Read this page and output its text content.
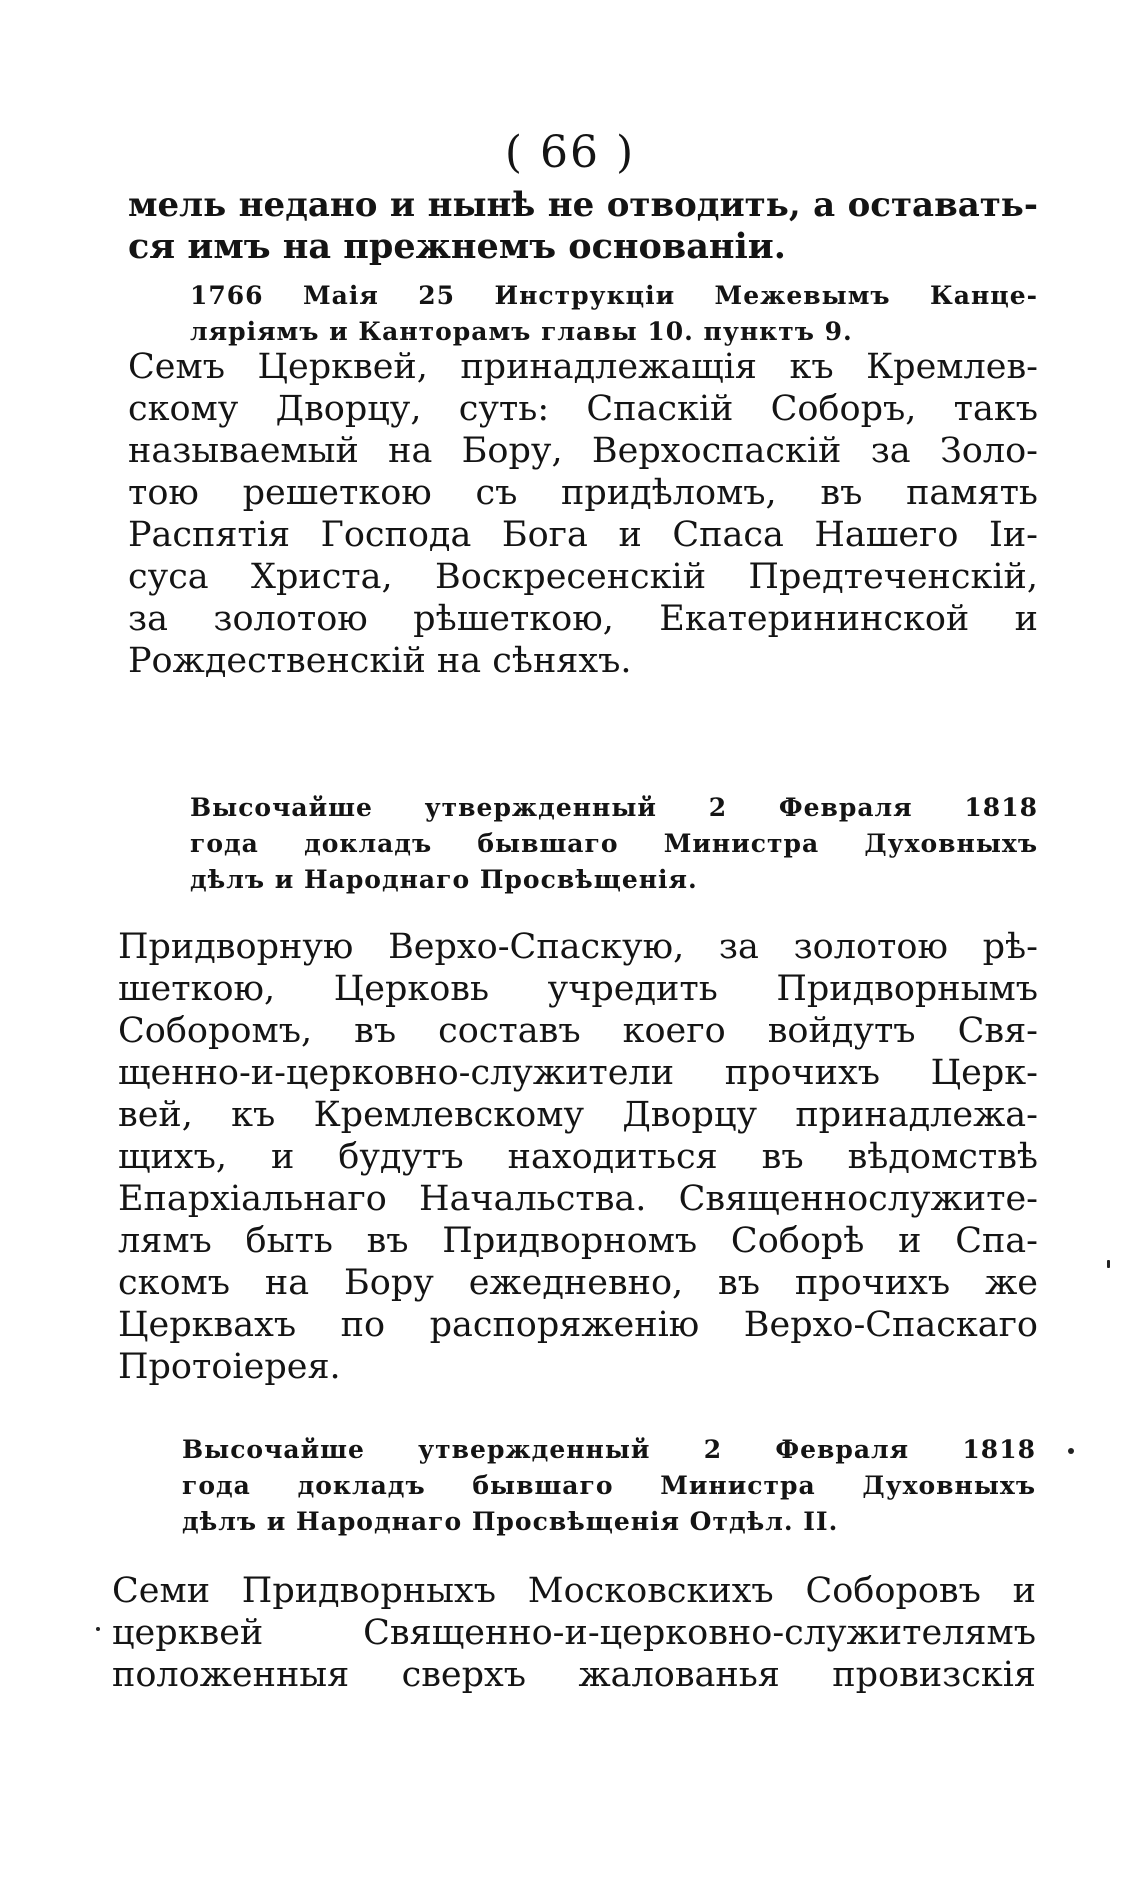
( 66 )
мель недано и нынѣ не отводить, а оставать-
ся имъ на прежнемъ основаніи.
1766 Маія 25 Инструкціи Межевымъ Канце-
ляріямъ и Канторамъ главы 10. пунктъ 9.
Семъ Церквей, принадлежащія къ Кремлев-
скому Дворцу, суть: Спаскій Соборъ, такъ
называемый на Бору, Верхоспаскій за Золо-
тою решеткою съ придѣломъ, въ память
Распятія Господа Бога и Спаса Нашего Іи-
суса Христа, Воскресенскій Предтеченскій,
за золотою рѣшеткою, Екатерининской и
Рождественскій на сѣняхъ.
Высочайше утвержденный 2 Февраля 1818
года докладъ бывшаго Министра Духовныхъ
дѣлъ и Народнаго Просвѣщенія.
Придворную Верхо-Спаскую, за золотою рѣ-
шеткою, Церковь учредить Придворнымъ
Соборомъ, въ составъ коего войдутъ Свя-
щенно-и-церковно-служители прочихъ Церк-
вей, къ Кремлевскому Дворцу принадлежа-
щихъ, и будутъ находиться въ вѣдомствѣ
Епархіальнаго Начальства. Священнослужите-
лямъ быть въ Придворномъ Соборѣ и Спа-
скомъ на Бору ежедневно, въ прочихъ же
Церквахъ по распоряженію Верхо-Спаскаго
Протоіерея.
Высочайше утвержденный 2 Февраля 1818
года докладъ бывшаго Министра Духовныхъ
дѣлъ и Народнаго Просвѣщенія Отдѣл. II.
Семи Придворныхъ Московскихъ Соборовъ и
церквей Священно-и-церковно-служителямъ
положенныя сверхъ жалованья провизскія
